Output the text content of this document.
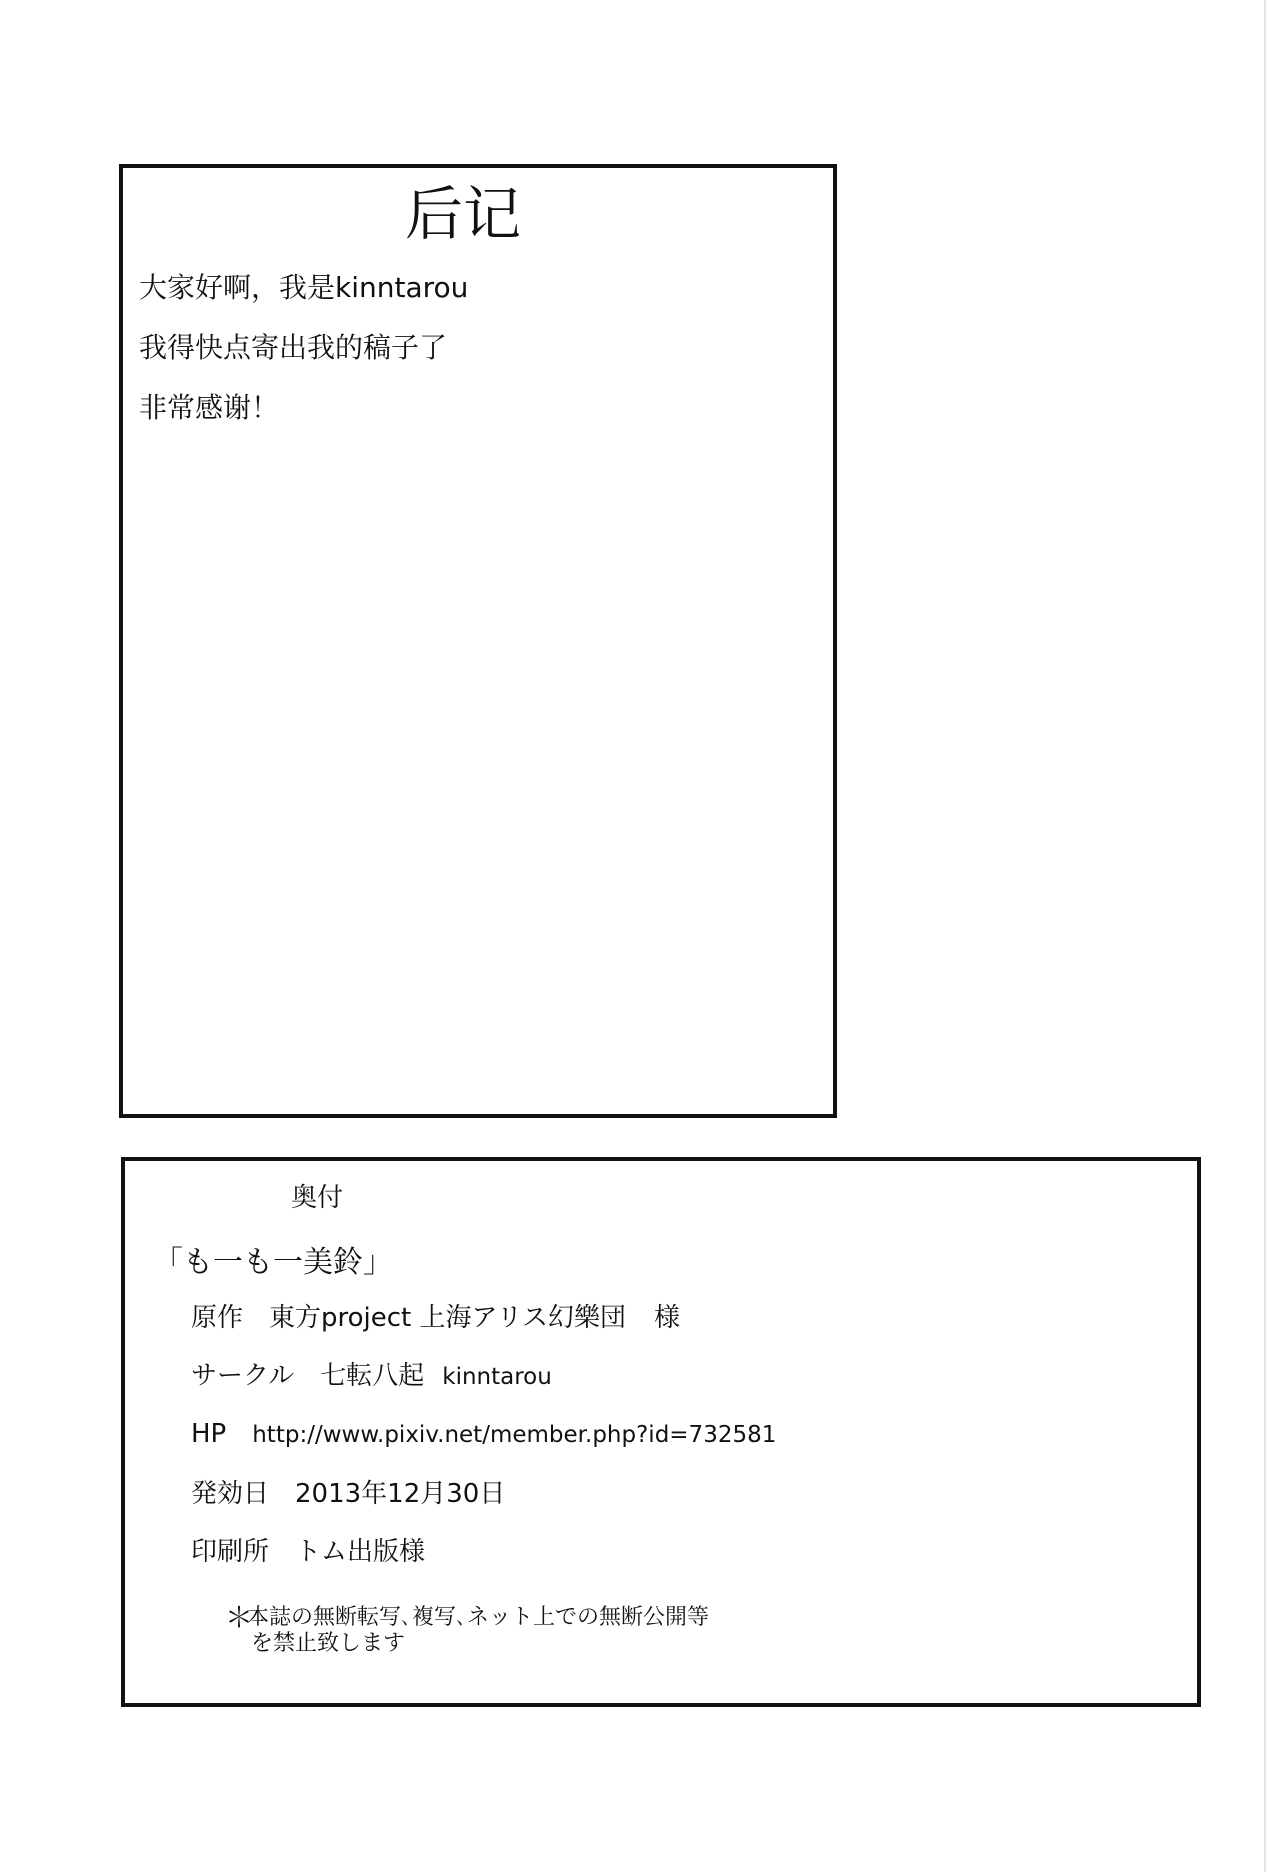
后记
大家好啊，我是kinntarou
我得快点寄出我的稿子了
非常感谢！
奥付
「も一も一美鈴」
原作 東方project 上海アリス幻樂団 様
サークル 七転八起 kinntarou
HP http://www.pixiv.net/member.php?id=732581
発効日 2013年12月30日
印刷所 トム出版様
＊本誌の無断転写､複写､ネット上での無断公開等
を禁止致します
